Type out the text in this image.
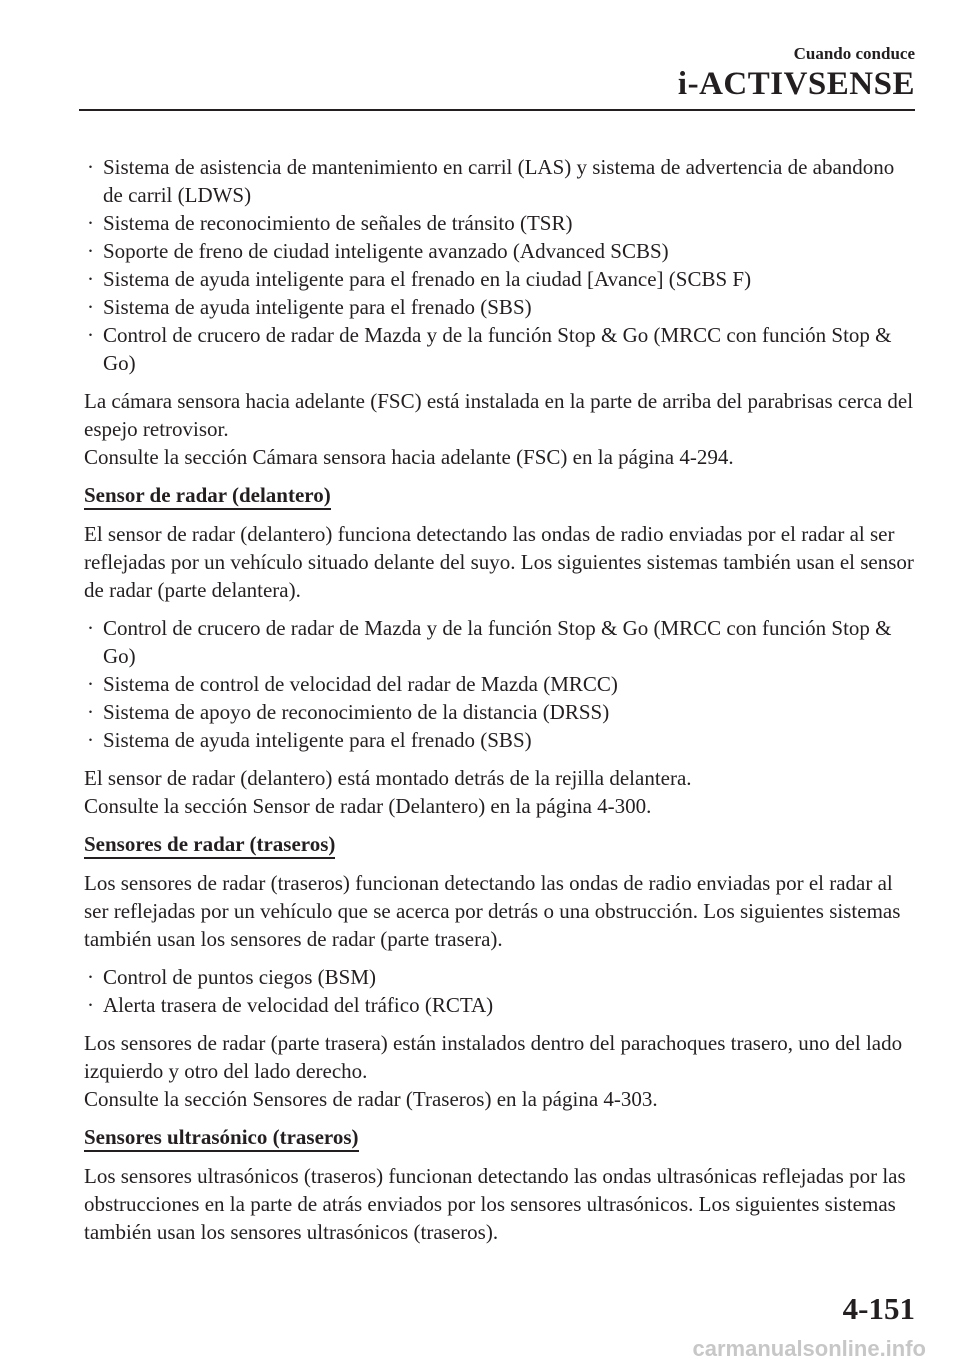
Cuando conduce
i-ACTIVSENSE
· Sistema de asistencia de mantenimiento en carril (LAS) y sistema de advertencia de abandono de carril (LDWS)
· Sistema de reconocimiento de señales de tránsito (TSR)
· Soporte de freno de ciudad inteligente avanzado (Advanced SCBS)
· Sistema de ayuda inteligente para el frenado en la ciudad [Avance] (SCBS F)
· Sistema de ayuda inteligente para el frenado (SBS)
· Control de crucero de radar de Mazda y de la función Stop & Go (MRCC con función Stop & Go)

La cámara sensora hacia adelante (FSC) está instalada en la parte de arriba del parabrisas cerca del espejo retrovisor.
Consulte la sección Cámara sensora hacia adelante (FSC) en la página 4-294.

Sensor de radar (delantero)

El sensor de radar (delantero) funciona detectando las ondas de radio enviadas por el radar al ser reflejadas por un vehículo situado delante del suyo. Los siguientes sistemas también usan el sensor de radar (parte delantera).

· Control de crucero de radar de Mazda y de la función Stop & Go (MRCC con función Stop & Go)
· Sistema de control de velocidad del radar de Mazda (MRCC)
· Sistema de apoyo de reconocimiento de la distancia (DRSS)
· Sistema de ayuda inteligente para el frenado (SBS)

El sensor de radar (delantero) está montado detrás de la rejilla delantera.
Consulte la sección Sensor de radar (Delantero) en la página 4-300.

Sensores de radar (traseros)

Los sensores de radar (traseros) funcionan detectando las ondas de radio enviadas por el radar al ser reflejadas por un vehículo que se acerca por detrás o una obstrucción. Los siguientes sistemas también usan los sensores de radar (parte trasera).

· Control de puntos ciegos (BSM)
· Alerta trasera de velocidad del tráfico (RCTA)

Los sensores de radar (parte trasera) están instalados dentro del parachoques trasero, uno del lado izquierdo y otro del lado derecho.
Consulte la sección Sensores de radar (Traseros) en la página 4-303.

Sensores ultrasónico (traseros)

Los sensores ultrasónicos (traseros) funcionan detectando las ondas ultrasónicas reflejadas por las obstrucciones en la parte de atrás enviados por los sensores ultrasónicos. Los siguientes sistemas también usan los sensores ultrasónicos (traseros).

4-151
carmanualsonline.info
